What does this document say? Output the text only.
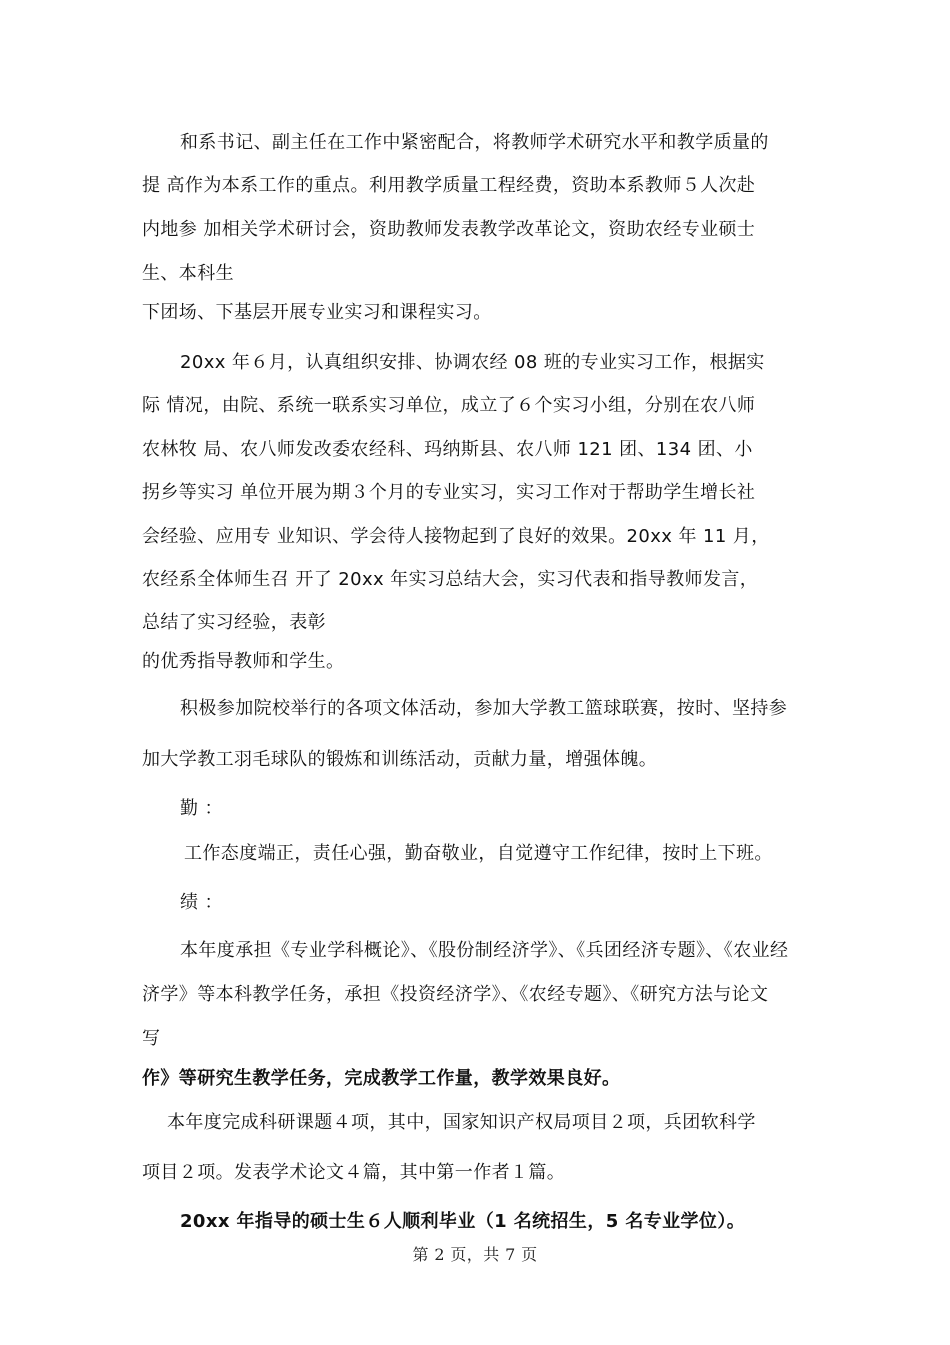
和系书记、副主任在工作中紧密配合，将教师学术研究水平和教学质量的
提 高作为本系工作的重点。利用教学质量工程经费，资助本系教师５人次赴
内地参 加相关学术研讨会，资助教师发表教学改革论文，资助农经专业硕士
生、本科生
下团场、下基层开展专业实习和课程实习。
20xx 年６月，认真组织安排、协调农经 08 班的专业实习工作，根据实
际 情况，由院、系统一联系实习单位，成立了６个实习小组，分别在农八师
农林牧 局、农八师发改委农经科、玛纳斯县、农八师 121 团、134 团、小
拐乡等实习 单位开展为期３个月的专业实习，实习工作对于帮助学生增长社
会经验、应用专 业知识、学会待人接物起到了良好的效果。20xx 年 11 月，
农经系全体师生召 开了 20xx 年实习总结大会，实习代表和指导教师发言，
总结了实习经验，表彰
的优秀指导教师和学生。
积极参加院校举行的各项文体活动，参加大学教工篮球联赛，按时、坚持参
加大学教工羽毛球队的锻炼和训练活动，贡献力量，增强体魄。
勤 ：
工作态度端正，责任心强，勤奋敬业，自觉遵守工作纪律，按时上下班。
绩 ：
本年度承担《专业学科概论》、《股份制经济学》、《兵团经济专题》、《农业经
济学》等本科教学任务，承担《投资经济学》、《农经专题》、《研究方法与论文
写
作》等研究生教学任务，完成教学工作量，教学效果良好。
本年度完成科研课题４项，其中，国家知识产权局项目２项，兵团软科学
项目２项。发表学术论文４篇，其中第一作者１篇。
20xx 年指导的硕士生６人顺利毕业（1 名统招生，5 名专业学位）。
第 2 页，共 7 页
